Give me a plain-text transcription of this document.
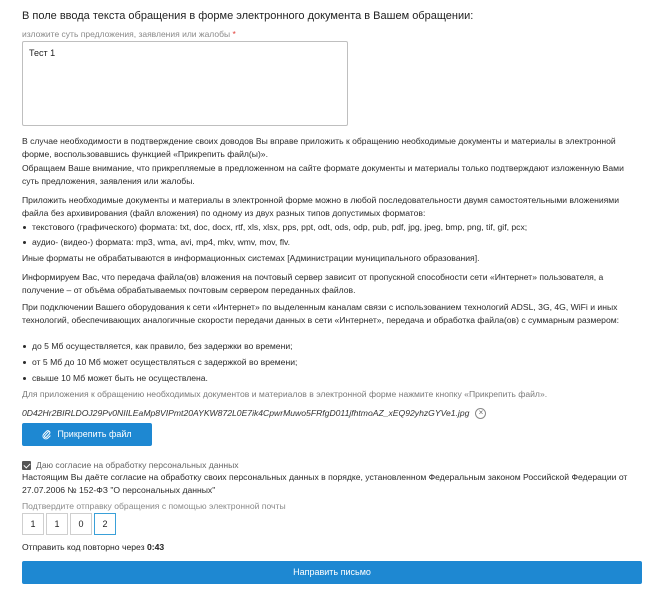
В поле ввода текста обращения в форме электронного документа в Вашем обращении:
изложите суть предложения, заявления или жалобы *
Тест 1
В случае необходимости в подтверждение своих доводов Вы вправе приложить к обращению необходимые документы и материалы в электронной форме, воспользовавшись функцией «Прикрепить файл(ы)».
Обращаем Ваше внимание, что прикрепляемые в предложенном на сайте формате документы и материалы только подтверждают изложенную Вами суть предложения, заявления или жалобы.
Приложить необходимые документы и материалы в электронной форме можно в любой последовательности двумя самостоятельными вложениями файла без архивирования (файл вложения) по одному из двух разных типов допустимых форматов:
текстового (графического) формата: txt, doc, docx, rtf, xls, xlsx, pps, ppt, odt, ods, odp, pub, pdf, jpg, jpeg, bmp, png, tif, gif, pcx;
аудио- (видео-) формата: mp3, wma, avi, mp4, mkv, wmv, mov, flv.
Иные форматы не обрабатываются в информационных системах [Администрации муниципального образования].
Информируем Вас, что передача файла(ов) вложения на почтовый сервер зависит от пропускной способности сети «Интернет» пользователя, а получение – от объёма обрабатываемых почтовым сервером переданных файлов.
При подключении Вашего оборудования к сети «Интернет» по выделенным каналам связи с использованием технологий ADSL, 3G, 4G, WiFi и иных технологий, обеспечивающих аналогичные скорости передачи данных в сети «Интернет», передача и обработка файла(ов) с суммарным размером:
до 5 Мб осуществляется, как правило, без задержки во времени;
от 5 Мб до 10 Мб может осуществляться с задержкой во времени;
свыше 10 Мб может быть не осуществлена.
Для приложения к обращению необходимых документов и материалов в электронной форме нажмите кнопку «Прикрепить файл».
0D42Hr2BIRLDOJ29Pv0NIILEaMp8VIPmt20AYKW872L0E7ik4CpwrMuwo5FRfgD011jfhtmoAZ_xEQ92yhzGYVe1.jpg	×
Прикрепить файл
Даю согласие на обработку персональных данных
Настоящим Вы даёте согласие на обработку своих персональных данных в порядке, установленном Федеральным законом Российской Федерации от 27.07.2006 № 152-ФЗ "О персональных данных"
Подтвердите отправку обращения с помощью электронной почты
1	1	0	2
Отправить код повторно через 0:43
Направить письмо
